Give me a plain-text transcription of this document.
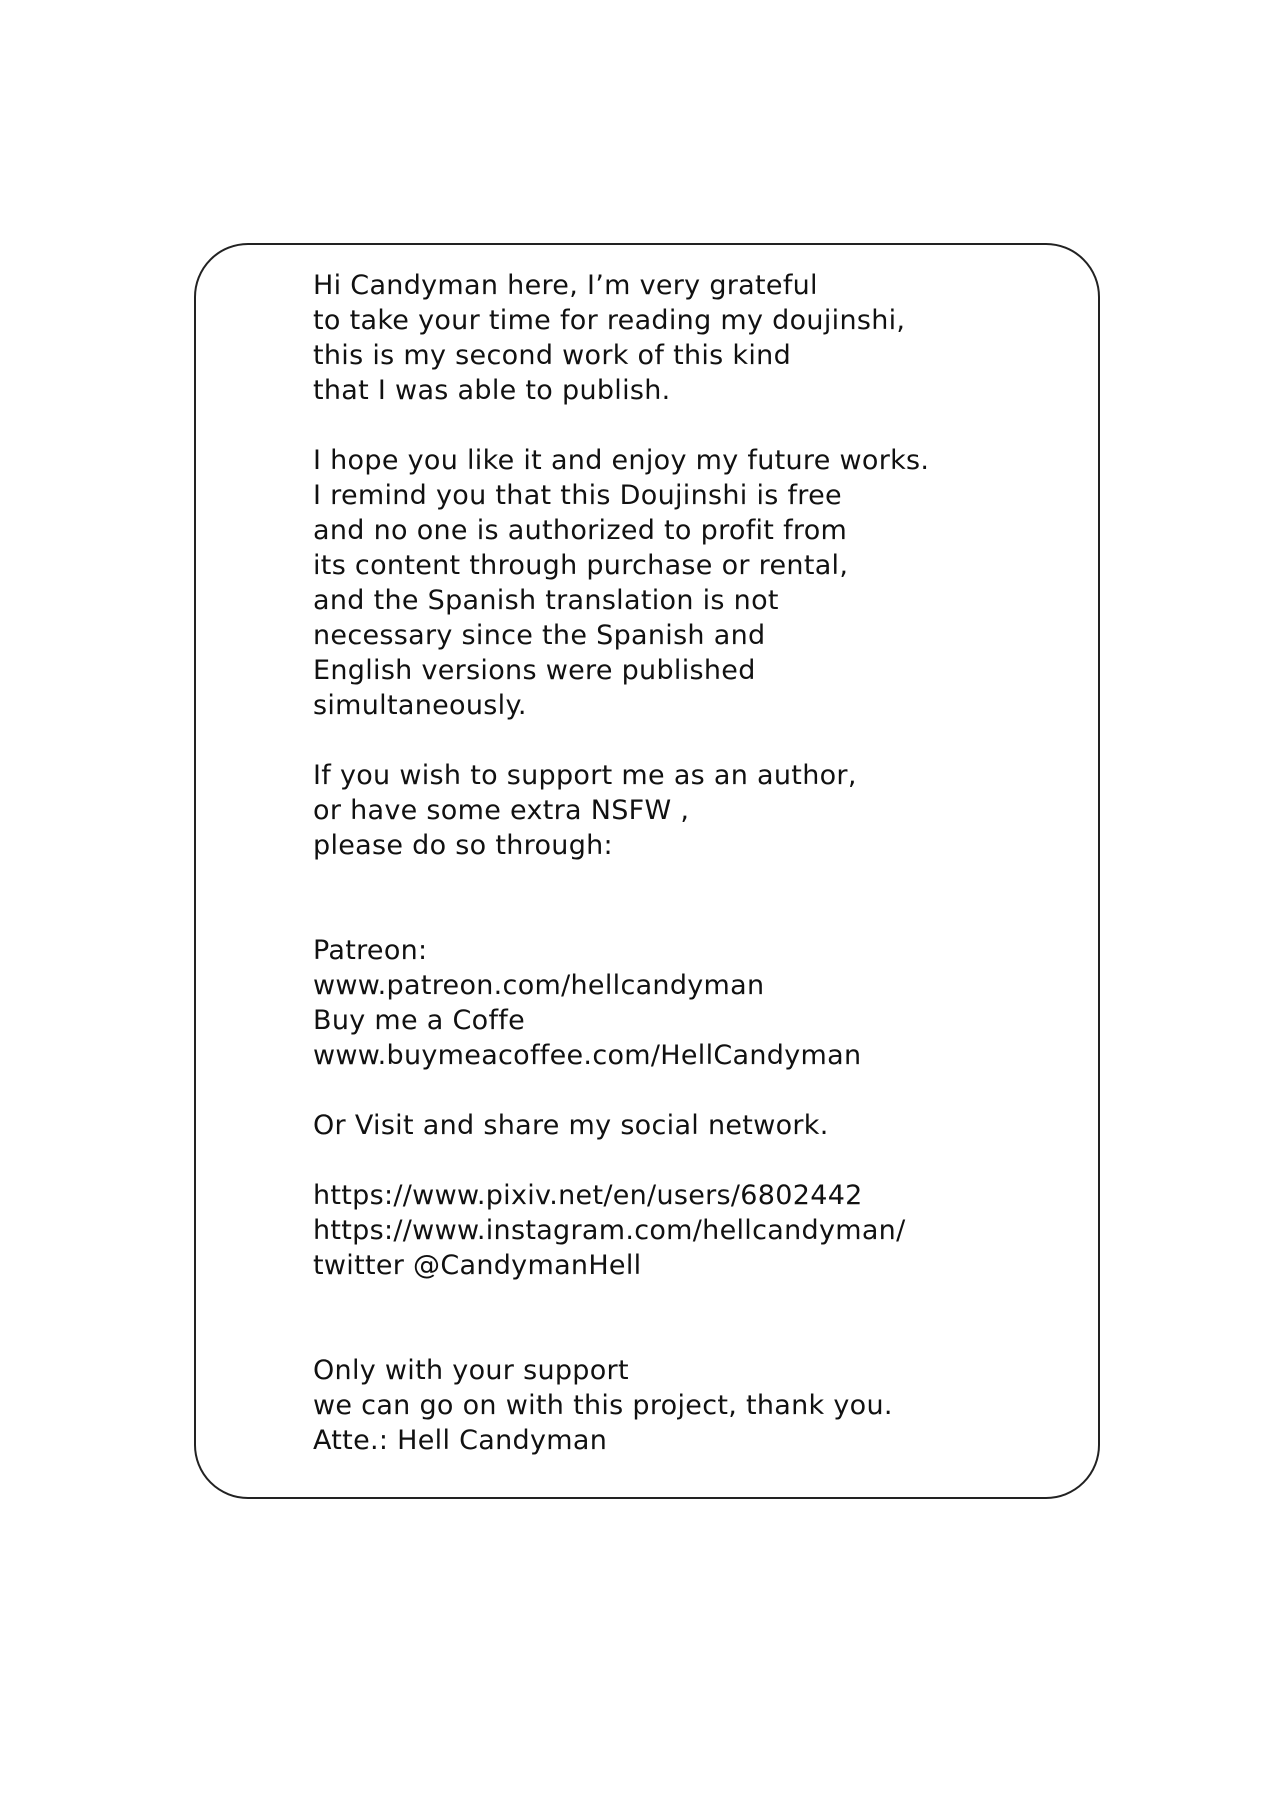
Hi Candyman here, I’m very grateful
to take your time for reading my doujinshi,
this is my second work of this kind
that I was able to publish.
I hope you like it and enjoy my future works.
I remind you that this Doujinshi is free
and no one is authorized to profit from
its content through purchase or rental,
and the Spanish translation is not
necessary since the Spanish and
English versions were published
simultaneously.
If you wish to support me as an author,
or have some extra NSFW ,
please do so through:
Patreon:
www.patreon.com/hellcandyman
Buy me a Coffe
www.buymeacoffee.com/HellCandyman
Or Visit and share my social network.
https://www.pixiv.net/en/users/6802442
https://www.instagram.com/hellcandyman/
twitter @CandymanHell
Only with your support
we can go on with this project, thank you.
Atte.: Hell Candyman
